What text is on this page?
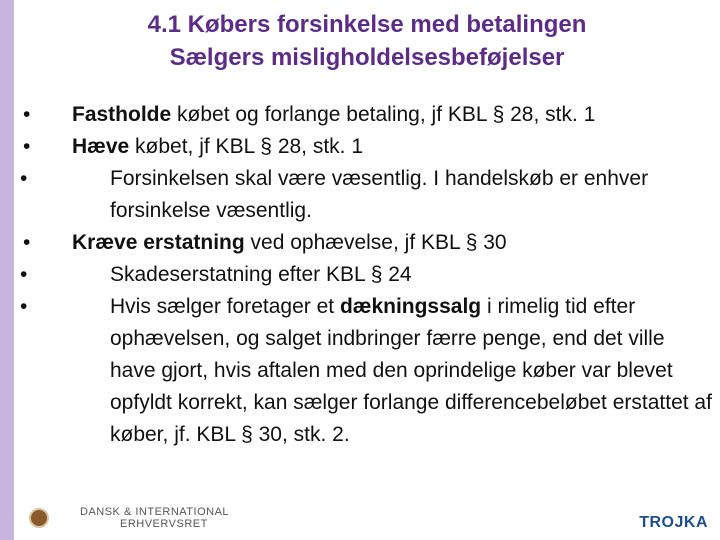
4.1 Købers forsinkelse med betalingen
Sælgers misligholdelsesbeføjelser
• Fastholde købet og forlange betaling, jf KBL § 28, stk. 1
• Hæve købet, jf KBL § 28, stk. 1
• Forsinkelsen skal være væsentlig. I handelskøb er enhver forsinkelse væsentlig.
• Kræve erstatning ved ophævelse, jf KBL § 30
• Skadeserstatning efter KBL § 24
• Hvis sælger foretager et dækningssalg i rimelig tid efter ophævelsen, og salget indbringer færre penge, end det ville have gjort, hvis aftalen med den oprindelige køber var blevet opfyldt korrekt, kan sælger forlange differencebeløbet erstattet af køber, jf. KBL § 30, stk. 2.
DANSK & INTERNATIONAL
ERHVERVSRET	TROJKA
